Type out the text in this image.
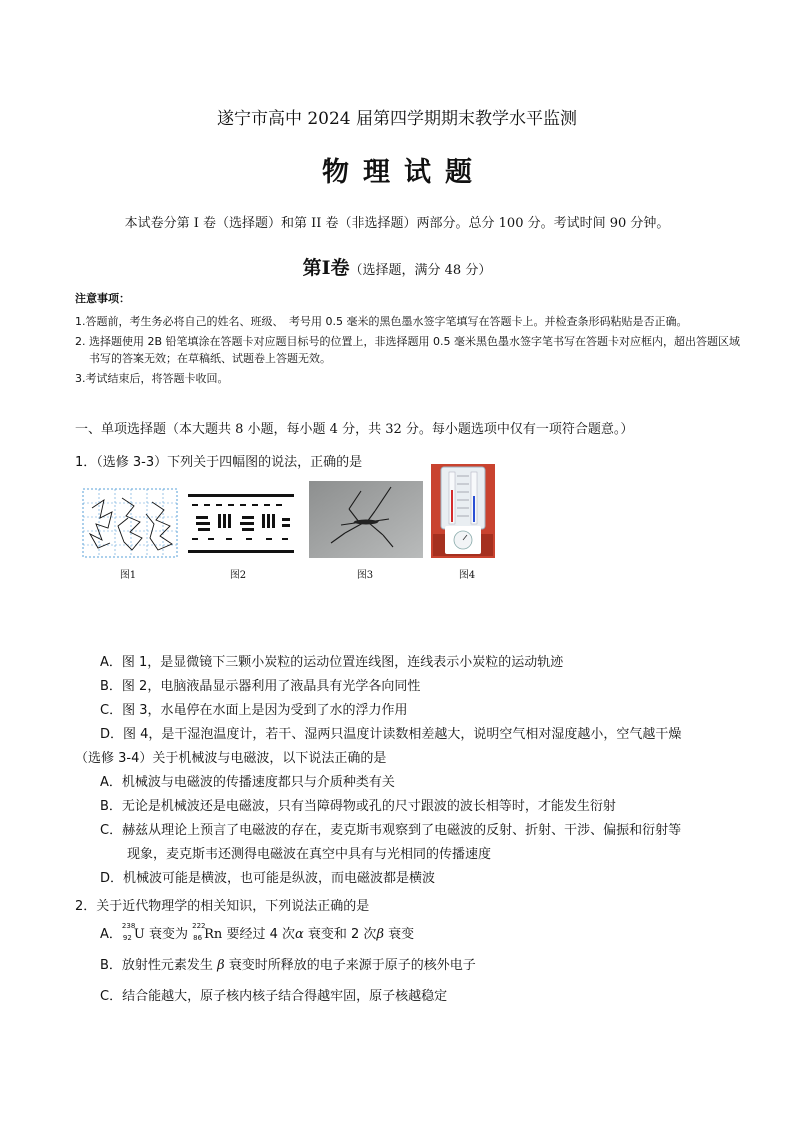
遂宁市高中 2024 届第四学期期末教学水平监测
物理试题
本试卷分第 I 卷（选择题）和第 II 卷（非选择题）两部分。总分 100 分。考试时间 90 分钟。
第Ⅰ卷（选择题，满分 48 分）
注意事项：
1.答题前，考生务必将自己的姓名、班级、　考号用 0.5 毫米的黑色墨水签字笔填写在答题卡上。并检查条形码粘贴是否正确。
2. 选择题使用 2B 铅笔填涂在答题卡对应题目标号的位置上，非选择题用 0.5 毫米黑色墨水签字笔书写在答题卡对应框内，超出答题区域
书写的答案无效；在草稿纸、试题卷上答题无效。
3.考试结束后，将答题卡收回。
一、单项选择题（本大题共 8 小题，每小题 4 分，共 32 分。每小题选项中仅有一项符合题意。）
1．（选修 3-3）下列关于四幅图的说法，正确的是
图1	图2	图3	图4
A．图 1，是显微镜下三颗小炭粒的运动位置连线图，连线表示小炭粒的运动轨迹
B．图 2，电脑液晶显示器利用了液晶具有光学各向同性
C．图 3，水黾停在水面上是因为受到了水的浮力作用
D．图 4，是干湿泡温度计，若干、湿两只温度计读数相差越大，说明空气相对湿度越小，空气越干燥
（选修 3-4）关于机械波与电磁波，以下说法正确的是
A．机械波与电磁波的传播速度都只与介质种类有关
B．无论是机械波还是电磁波，只有当障碍物或孔的尺寸跟波的波长相等时，才能发生衍射
C．赫兹从理论上预言了电磁波的存在，麦克斯韦观察到了电磁波的反射、折射、干涉、偏振和衍射等
现象，麦克斯韦还测得电磁波在真空中具有与光相同的传播速度
D．机械波可能是横波，也可能是纵波，而电磁波都是横波
2．关于近代物理学的相关知识，下列说法正确的是
A．
238
92 U 衰变为
222
86 Rn 要经过 4 次α 衰变和 2 次β 衰变
B．放射性元素发生 β 衰变时所释放的电子来源于原子的核外电子
C．结合能越大，原子核内核子结合得越牢固，原子核越稳定
